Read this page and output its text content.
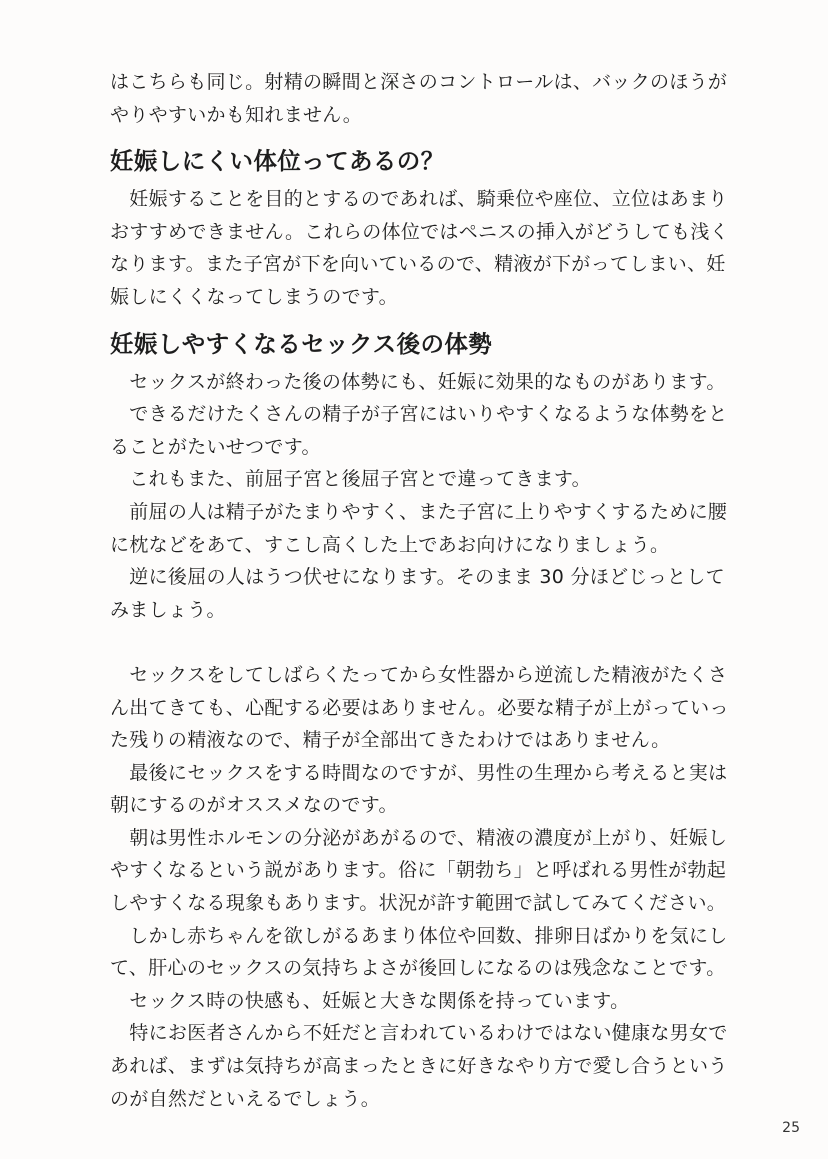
はこちらも同じ。射精の瞬間と深さのコントロールは、バックのほうが
やりやすいかも知れません。
妊娠しにくい体位ってあるの？
　妊娠することを目的とするのであれば、騎乗位や座位、立位はあまり
おすすめできません。これらの体位ではペニスの挿入がどうしても浅く
なります。また子宮が下を向いているので、精液が下がってしまい、妊
娠しにくくなってしまうのです。
妊娠しやすくなるセックス後の体勢
　セックスが終わった後の体勢にも、妊娠に効果的なものがあります。
　できるだけたくさんの精子が子宮にはいりやすくなるような体勢をと
ることがたいせつです。
　これもまた、前屈子宮と後屈子宮とで違ってきます。
　前屈の人は精子がたまりやすく、また子宮に上りやすくするために腰
に枕などをあて、すこし高くした上であお向けになりましょう。
　逆に後屈の人はうつ伏せになります。そのまま 30 分ほどじっとして
みましょう。
　セックスをしてしばらくたってから女性器から逆流した精液がたくさ
ん出てきても、心配する必要はありません。必要な精子が上がっていっ
た残りの精液なので、精子が全部出てきたわけではありません。
　最後にセックスをする時間なのですが、男性の生理から考えると実は
朝にするのがオススメなのです。
　朝は男性ホルモンの分泌があがるので、精液の濃度が上がり、妊娠し
やすくなるという説があります。俗に「朝勃ち」と呼ばれる男性が勃起
しやすくなる現象もあります。状況が許す範囲で試してみてください。
　しかし赤ちゃんを欲しがるあまり体位や回数、排卵日ばかりを気にし
て、肝心のセックスの気持ちよさが後回しになるのは残念なことです。
　セックス時の快感も、妊娠と大きな関係を持っています。
　特にお医者さんから不妊だと言われているわけではない健康な男女で
あれば、まずは気持ちが高まったときに好きなやり方で愛し合うという
のが自然だといえるでしょう。
25
